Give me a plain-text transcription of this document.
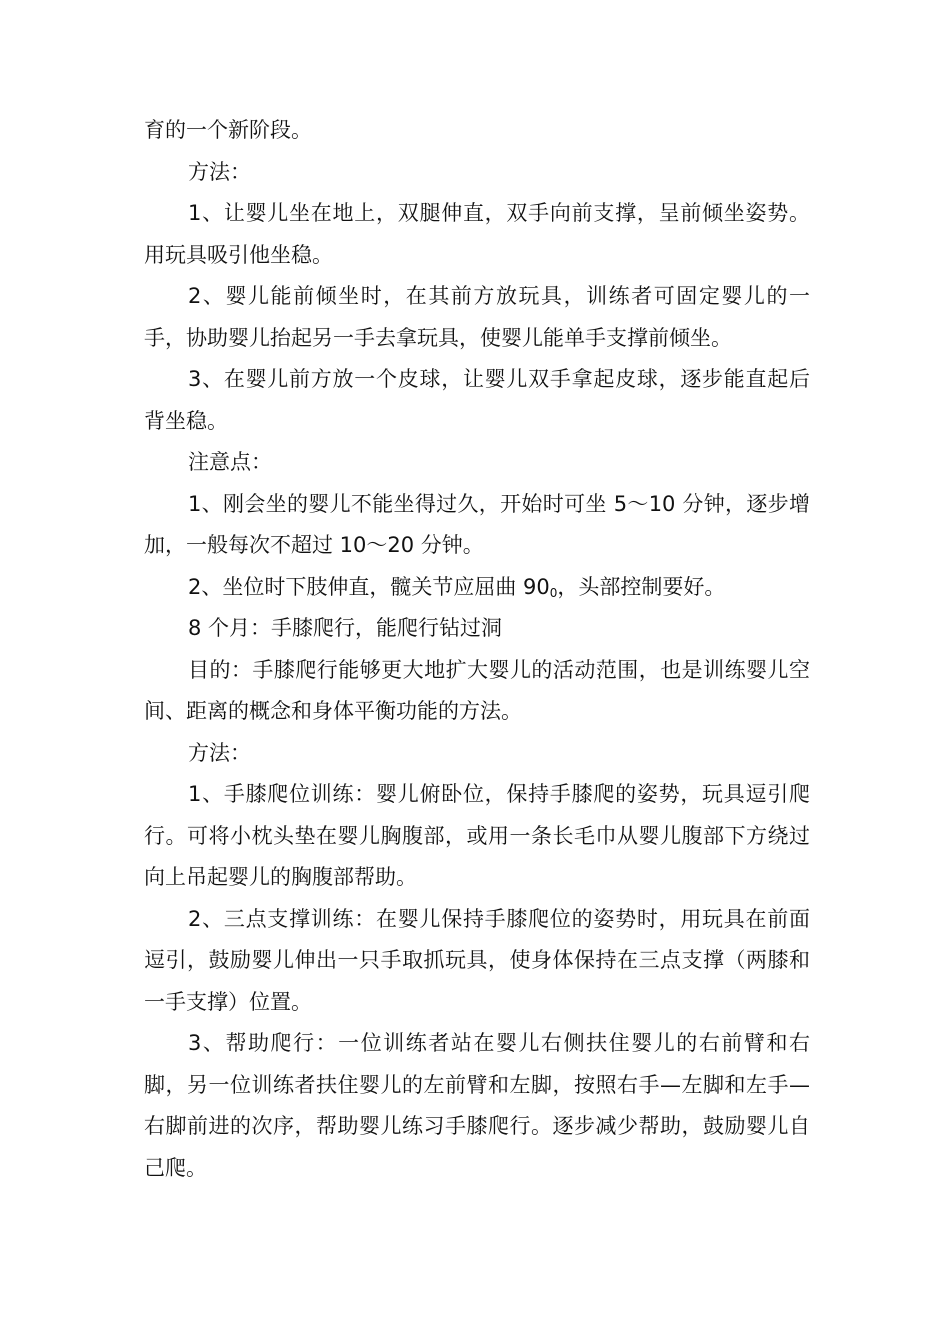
育的一个新阶段。

方法：

1、让婴儿坐在地上，双腿伸直，双手向前支撑，呈前倾坐姿势。用玩具吸引他坐稳。

2、婴儿能前倾坐时，在其前方放玩具，训练者可固定婴儿的一手，协助婴儿抬起另一手去拿玩具，使婴儿能单手支撑前倾坐。

3、在婴儿前方放一个皮球，让婴儿双手拿起皮球，逐步能直起后背坐稳。

注意点：

1、刚会坐的婴儿不能坐得过久，开始时可坐 5～10 分钟，逐步增加，一般每次不超过 10～20 分钟。

2、坐位时下肢伸直，髋关节应屈曲 $90_0$，头部控制要好。

8 个月：手膝爬行，能爬行钻过洞

目的：手膝爬行能够更大地扩大婴儿的活动范围，也是训练婴儿空间、距离的概念和身体平衡功能的方法。

方法：

1、手膝爬位训练：婴儿俯卧位，保持手膝爬的姿势，玩具逗引爬行。可将小枕头垫在婴儿胸腹部，或用一条长毛巾从婴儿腹部下方绕过向上吊起婴儿的胸腹部帮助。

2、三点支撑训练：在婴儿保持手膝爬位的姿势时，用玩具在前面逗引，鼓励婴儿伸出一只手取抓玩具，使身体保持在三点支撑（两膝和一手支撑）位置。

3、帮助爬行：一位训练者站在婴儿右侧扶住婴儿的右前臂和右脚，另一位训练者扶住婴儿的左前臂和左脚，按照右手—左脚和左手—右脚前进的次序，帮助婴儿练习手膝爬行。逐步减少帮助，鼓励婴儿自己爬。
